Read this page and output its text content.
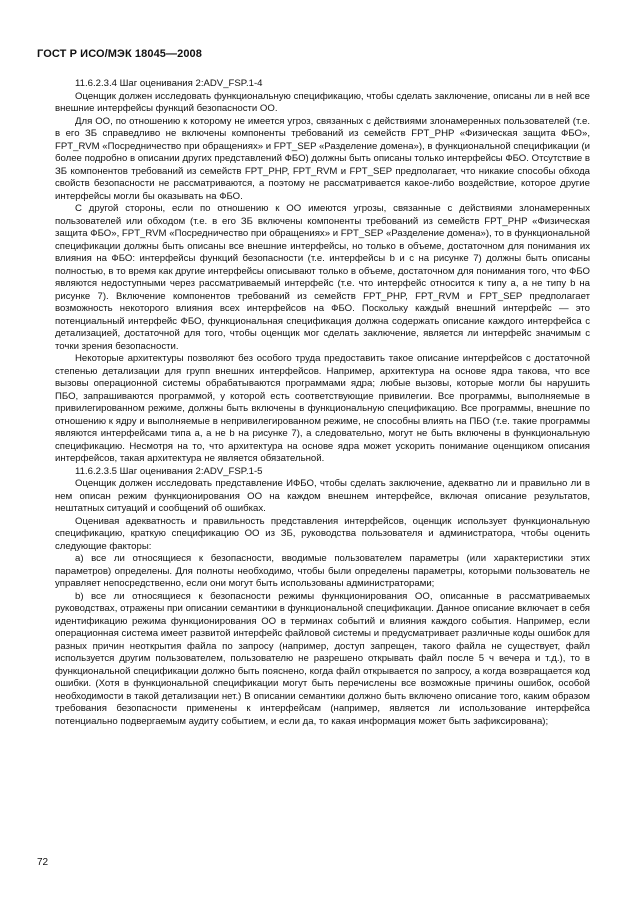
ГОСТ Р ИСО/МЭК 18045—2008

11.6.2.3.4 Шаг оценивания 2:ADV_FSP.1-4

Оценщик должен исследовать функциональную спецификацию, чтобы сделать заключение, описаны ли в ней все внешние интерфейсы функций безопасности ОО.

Для ОО, по отношению к которому не имеется угроз, связанных с действиями злонамеренных пользователей (т.е. в его ЗБ справедливо не включены компоненты требований из семейств FPT_PHP «Физическая защита ФБО», FPT_RVM «Посредничество при обращениях» и FPT_SEP «Разделение домена»), в функциональной спецификации (и более подробно в описании других представлений ФБО) должны быть описаны только интерфейсы ФБО. Отсутствие в ЗБ компонентов требований из семейств FPT_PHP, FPT_RVM и FPT_SEP предполагает, что никакие способы обхода свойств безопасности не рассматриваются, а поэтому не рассматривается какое-либо воздействие, которое другие интерфейсы могли бы оказывать на ФБО.

С другой стороны, если по отношению к ОО имеются угрозы, связанные с действиями злонамеренных пользователей или обходом (т.е. в его ЗБ включены компоненты требований из семейств FPT_PHP «Физическая защита ФБО», FPT_RVM «Посредничество при обращениях» и FPT_SEP «Разделение домена»), то в функциональной спецификации должны быть описаны все внешние интерфейсы, но только в объеме, достаточном для понимания их влияния на ФБО: интерфейсы функций безопасности (т.е. интерфейсы b и c на рисунке 7) должны быть описаны полностью, в то время как другие интерфейсы описывают только в объеме, достаточном для понимания того, что ФБО являются недоступными через рассматриваемый интерфейс (т.е. что интерфейс относится к типу a, а не типу b на рисунке 7). Включение компонентов требований из семейств FPT_PHP, FPT_RVM и FPT_SEP предполагает возможность некоторого влияния всех интерфейсов на ФБО. Поскольку каждый внешний интерфейс — это потенциальный интерфейс ФБО, функциональная спецификация должна содержать описание каждого интерфейса с детализацией, достаточной для того, чтобы оценщик мог сделать заключение, является ли интерфейс значимым с точки зрения безопасности.

Некоторые архитектуры позволяют без особого труда предоставить такое описание интерфейсов с достаточной степенью детализации для групп внешних интерфейсов. Например, архитектура на основе ядра такова, что все вызовы операционной системы обрабатываются программами ядра; любые вызовы, которые могли бы нарушить ПБО, запрашиваются программой, у которой есть соответствующие привилегии. Все программы, выполняемые в привилегированном режиме, должны быть включены в функциональную спецификацию. Все программы, внешние по отношению к ядру и выполняемые в непривилегированном режиме, не способны влиять на ПБО (т.е. такие программы являются интерфейсами типа a, а не b на рисунке 7), а следовательно, могут не быть включены в функциональную спецификацию. Несмотря на то, что архитектура на основе ядра может ускорить понимание оценщиком описания интерфейсов, такая архитектура не является обязательной.

11.6.2.3.5 Шаг оценивания 2:ADV_FSP.1-5

Оценщик должен исследовать представление ИФБО, чтобы сделать заключение, адекватно ли и правильно ли в нем описан режим функционирования ОО на каждом внешнем интерфейсе, включая описание результатов, нештатных ситуаций и сообщений об ошибках.

Оценивая адекватность и правильность представления интерфейсов, оценщик использует функциональную спецификацию, краткую спецификацию ОО из ЗБ, руководства пользователя и администратора, чтобы оценить следующие факторы:

а) все ли относящиеся к безопасности, вводимые пользователем параметры (или характеристики этих параметров) определены. Для полноты необходимо, чтобы были определены параметры, которыми пользователь не управляет непосредственно, если они могут быть использованы администраторами;

b) все ли относящиеся к безопасности режимы функционирования ОО, описанные в рассматриваемых руководствах, отражены при описании семантики в функциональной спецификации. Данное описание включает в себя идентификацию режима функционирования ОО в терминах событий и влияния каждого события. Например, если операционная система имеет развитой интерфейс файловой системы и предусматривает различные коды ошибок для разных причин неоткрытия файла по запросу (например, доступ запрещен, такого файла не существует, файл используется другим пользователем, пользователю не разрешено открывать файл после 5 ч вечера и т.д.), то в функциональной спецификации должно быть пояснено, когда файл открывается по запросу, а когда возвращается код ошибки. (Хотя в функциональной спецификации могут быть перечислены все возможные причины ошибок, особой необходимости в такой детализации нет.) В описании семантики должно быть включено описание того, каким образом требования безопасности применены к интерфейсам (например, является ли использование интерфейса потенциально подвергаемым аудиту событием, и если да, то какая информация может быть зафиксирована);

72
